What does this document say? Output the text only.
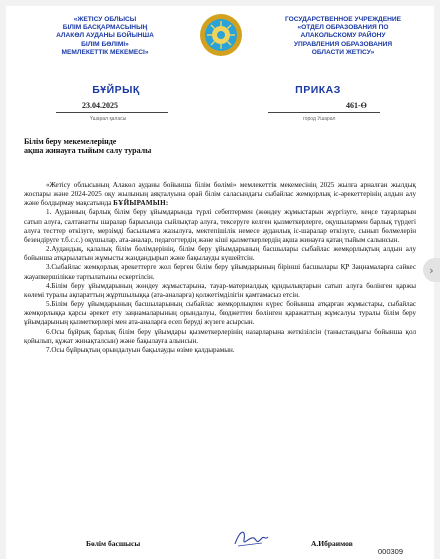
«ЖЕТІСУ ОБЛЫСЫ
БІЛІМ БАСҚАРМАСЫНЫҢ
АЛАКӨЛ АУДАНЫ БОЙЫНША
БІЛІМ БӨЛІМІ»
МЕМЛЕКЕТТІК МЕКЕМЕСІ»
ГОСУДАРСТВЕННОЕ УЧРЕЖДЕНИЕ
«ОТДЕЛ ОБРАЗОВАНИЯ ПО
АЛАКОЛЬСКОМУ РАЙОНУ
УПРАВЛЕНИЯ ОБРАЗОВАНИЯ
ОБЛАСТИ ЖЕТІСУ»
БҰЙРЫҚ	ПРИКАЗ
23.04.2025	461-Ө
Үшарал қаласы	город Ушарал
Білім беру мекемелерінде
ақша жинауға тыйым салу туралы

«Жетісу облысының Алакөл ауданы бойынша білім бөлімі» мемлекеттік мекемесінің 2025 жылға арналған жылдық жоспары және 2024-2025 оқу жылының аяқталуына орай білім саласындағы сыбайлас жемқорлық іс-әрекеттерінің алдын алу және болдырмау мақсатында БҰЙЫРАМЫН:

1. Ауданның барлық білім беру ұйымдарында түрлі себептермен (жөндеу жұмыстарын жүргізуге, кеңсе тауарларын сатып алуға, салтанатты шаралар барысында сыйлықтар алуға, тексеруге келген қызметкерлерге, оқушылармен барлық түрдегі алуға тесттер өткізуге, мерзімді басылымға жазылуға, мектепішілік немесе ауданлық іс-шаралар өткізуге, сынып бөлмелерін безендіруге т.б.с.с.) оқушылар, ата-аналар, педагогтердің және кіші қызметкерлердің ақша жинауға қатаң тыйым салынсын.

2.Аудандық, қалалық білім бөлімдерінің, білім беру ұйымдарының басшылары сыбайлас жемқорлықтың алдын алу бойынша атқарылатын жұмысты жандандырып және бақылауды күшейтсін.

3.Сыбайлас жемқорлық әрекеттерге жол берген білім беру ұйымдарының бірінші басшылары ҚР Заңнамаларға сәйкес жауапкершілікке тартылатыны ескертілсін.

4.Білім беру ұйымдарының жөндеу жұмыстарына, тауар-материалдық құндылықтарын сатып алуға бөлінген қаржы көлемі туралы ақпараттың жұртшылыққа (ата-аналарға) қолжетімділігін қамтамасыз етсін.

5.Білім беру ұйымдарының басшыларының сыбайлас жемқорлықпен күрес бойынша атқарған жұмыстары, сыбайлас жемқорлыққа қарсы әрекет ету заңнамаларының орындалуы, бюджеттен бөлінген қаражаттың жұмсалуы туралы білім беру ұйымдарының қызметкерлері мен ата-аналарға есеп беруді жүзеге асырсын.

6.Осы бұйрық барлық білім беру ұйымдары қызметкерлерінің назарларына жеткізілсін (таныстандығы бойынша қол қойылып, құжат жинақталсын) және бақылауға алынсын.

7.Осы бұйрықтың орындалуын бақылауды өзіме қалдырамын.

Бөлім басшысы	А.Ибраимов
000309
›
